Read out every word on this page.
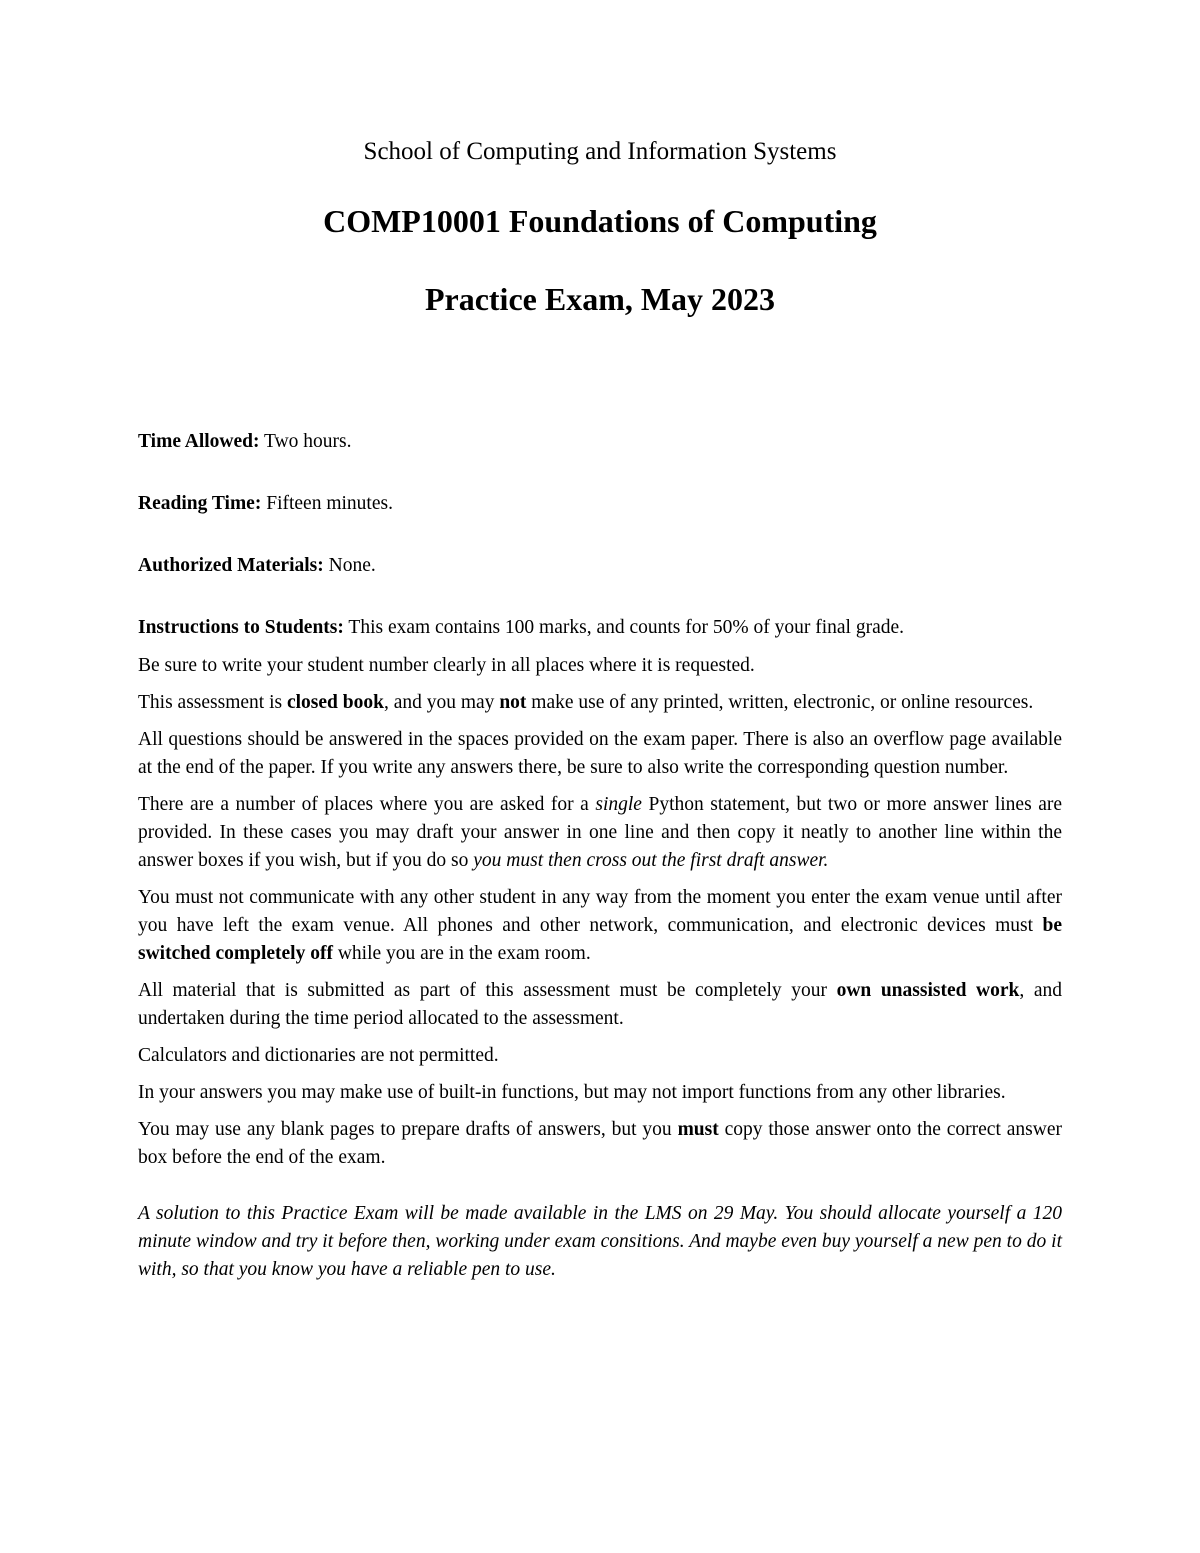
School of Computing and Information Systems
COMP10001 Foundations of Computing
Practice Exam, May 2023

Time Allowed: Two hours.

Reading Time: Fifteen minutes.

Authorized Materials: None.

Instructions to Students: This exam contains 100 marks, and counts for 50% of your final grade.

Be sure to write your student number clearly in all places where it is requested.

This assessment is closed book, and you may not make use of any printed, written, electronic, or online resources.

All questions should be answered in the spaces provided on the exam paper. There is also an overflow page available at the end of the paper. If you write any answers there, be sure to also write the corresponding question number.

There are a number of places where you are asked for a single Python statement, but two or more answer lines are provided. In these cases you may draft your answer in one line and then copy it neatly to another line within the answer boxes if you wish, but if you do so you must then cross out the first draft answer.

You must not communicate with any other student in any way from the moment you enter the exam venue until after you have left the exam venue. All phones and other network, communication, and electronic devices must be switched completely off while you are in the exam room.

All material that is submitted as part of this assessment must be completely your own unassisted work, and undertaken during the time period allocated to the assessment.

Calculators and dictionaries are not permitted.

In your answers you may make use of built-in functions, but may not import functions from any other libraries.

You may use any blank pages to prepare drafts of answers, but you must copy those answer onto the correct answer box before the end of the exam.

A solution to this Practice Exam will be made available in the LMS on 29 May. You should allocate yourself a 120 minute window and try it before then, working under exam consitions. And maybe even buy yourself a new pen to do it with, so that you know you have a reliable pen to use.
